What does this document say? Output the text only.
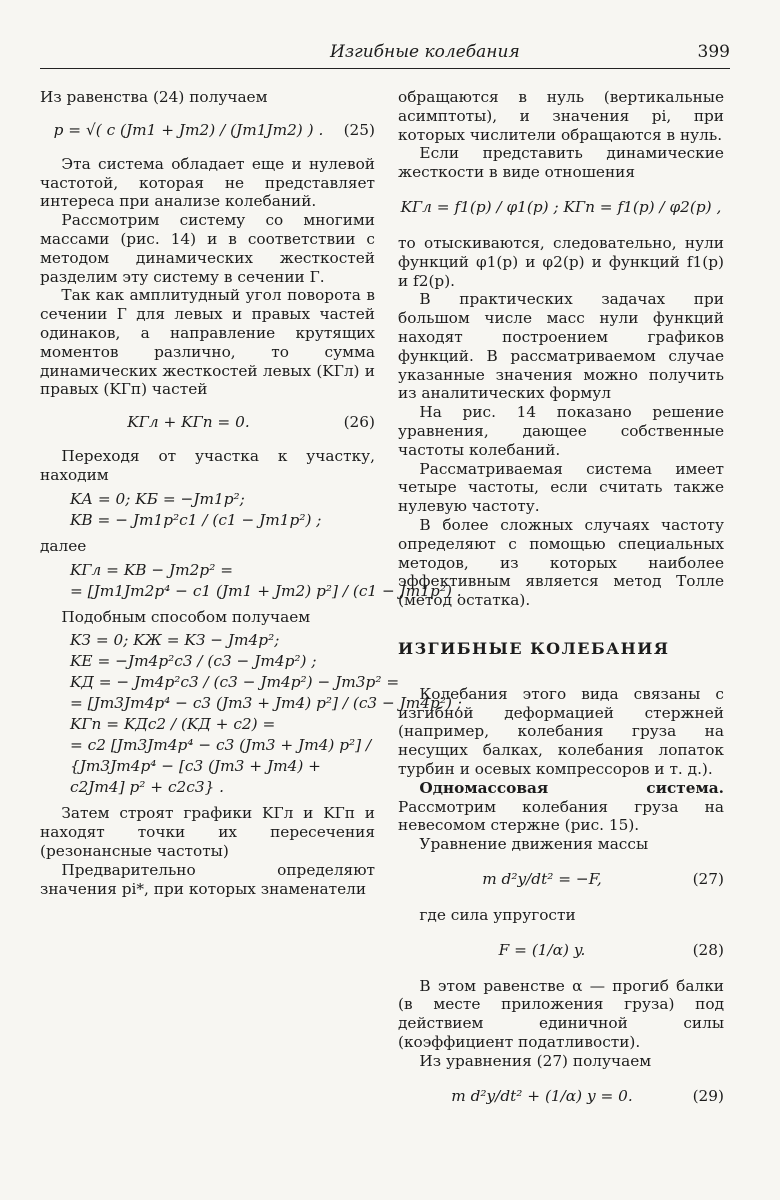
Изгибные колебания	399

Из равенства (24) получаем

p = √( c (Jm1 + Jm2) / (Jm1Jm2) ) .	(25)

Эта система обладает еще и нулевой частотой, которая не представляет интереса при анализе колебаний.

Рассмотрим систему со многими массами (рис. 14) и в соответствии с методом динамических жесткостей разделим эту систему в сечении Г.

Так как амплитудный угол поворота в сечении Г для левых и правых частей одинаков, а направление крутящих моментов различно, то сумма динамических жесткостей левых (KГл) и правых (KГп) частей

KГл + KГп = 0.	(26)

Переходя от участка к участку, находим

KА = 0; KБ = −Jm1p²;
KВ = − Jm1p²c1 / (c1 − Jm1p²) ;

далее

KГл = KВ − Jm2p² =
= [Jm1Jm2p⁴ − c1 (Jm1 + Jm2) p²] / (c1 − Jm1p²) .

Подобным способом получаем

KЗ = 0; KЖ = KЗ − Jm4p²;
KЕ = −Jm4p²c3 / (c3 − Jm4p²) ;
KД = − Jm4p²c3 / (c3 − Jm4p²) − Jm3p² =
= [Jm3Jm4p⁴ − c3 (Jm3 + Jm4) p²] / (c3 − Jm4p²) ;
KГп = KДc2 / (KД + c2) =
= c2 [Jm3Jm4p⁴ − c3 (Jm3 + Jm4) p²] / {Jm3Jm4p⁴ − [c3 (Jm3 + Jm4) + c2Jm4] p² + c2c3} .

Затем строят графики KГл и KГп и находят точки их пересечения (резонансные частоты)

Предварительно определяют значения pi*, при которых знаменатели

обращаются в нуль (вертикальные асимптоты), и значения pi, при которых числители обращаются в нуль.

Если представить динамические жесткости в виде отношения

KГл = f1(p) / φ1(p) ; KГп = f1(p) / φ2(p) ,

то отыскиваются, следовательно, нули функций φ1(p) и φ2(p) и функций f1(p) и f2(p).

В практических задачах при большом числе масс нули функций находят построением графиков функций. В рассматриваемом случае указанные значения можно получить из аналитических формул

На рис. 14 показано решение уравнения, дающее собственные частоты колебаний.

Рассматриваемая система имеет четыре частоты, если считать также нулевую частоту.

В более сложных случаях частоту определяют с помощью специальных методов, из которых наиболее эффективным является метод Толле (метод остатка).

ИЗГИБНЫЕ КОЛЕБАНИЯ

Колебания этого вида связаны с изгибной деформацией стержней (например, колебания груза на несущих балках, колебания лопаток турбин и осевых компрессоров и т. д.).

Одномассовая система. Рассмотрим колебания груза на невесомом стержне (рис. 15).

Уравнение движения массы

m d²y/dt² = −F,	(27)

где сила упругости

F = (1/α) y.	(28)

В этом равенстве α — прогиб балки (в месте приложения груза) под действием единичной силы (коэффициент податливости).

Из уравнения (27) получаем

m d²y/dt² + (1/α) y = 0.	(29)
